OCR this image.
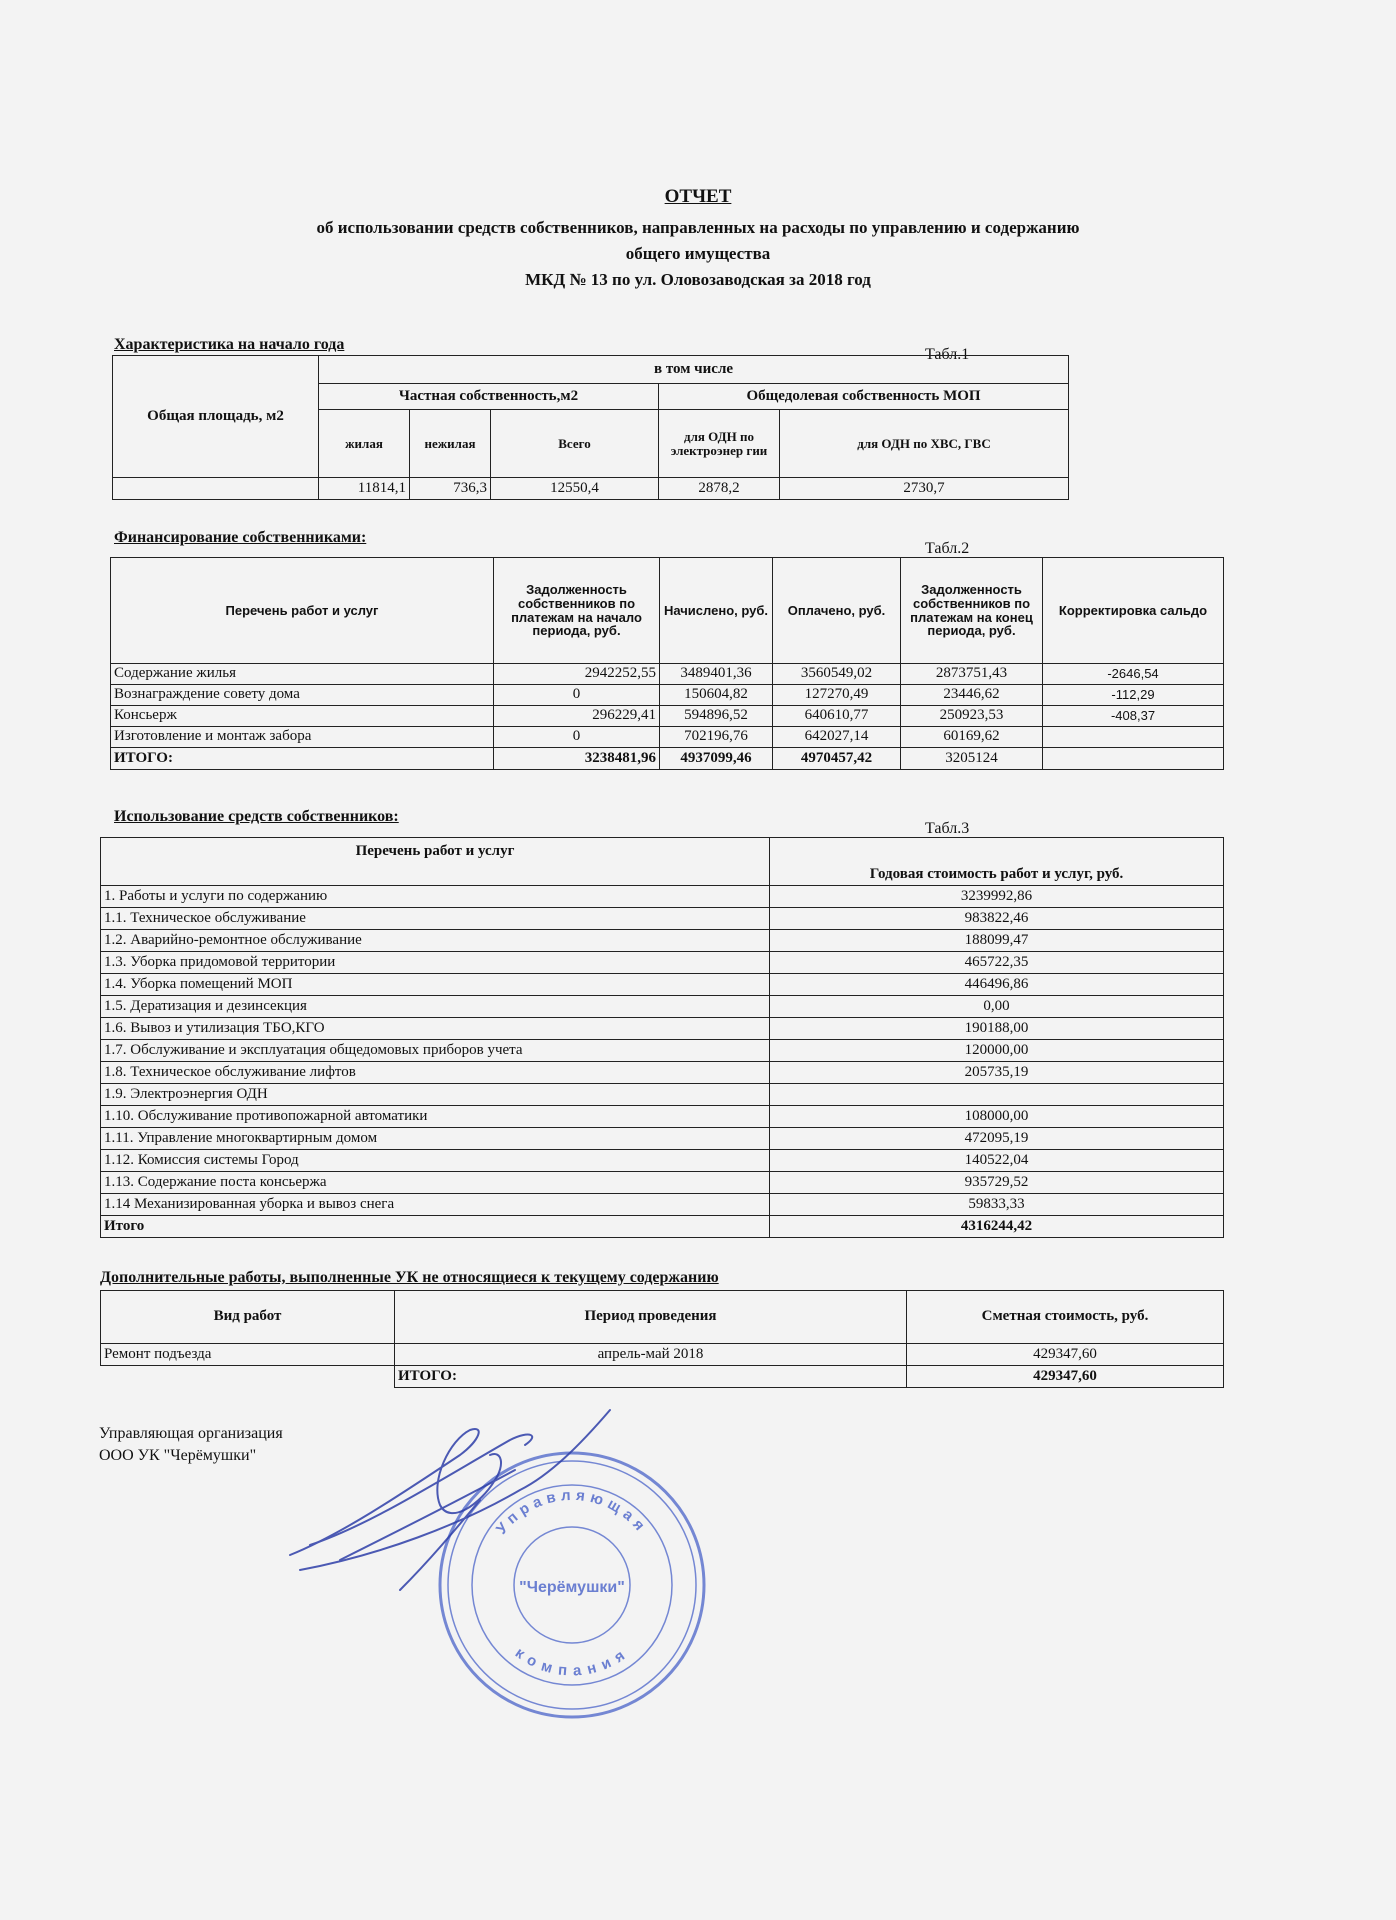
ОТЧЕТ
об использовании средств собственников, направленных на расходы по управлению и содержанию
общего имущества
МКД № 13 по ул. Оловозаводская за 2018 год
Характеристика на начало года
Табл.1
Общая площадь, м2	в том числе				
	Частная собственность,м2			Общедолевая собственность МОП	
	жилая	нежилая	Всего	для ОДН по электроэнер гии	для ОДН по ХВС, ГВС
	11814,1	736,3	12550,4	2878,2	2730,7
Финансирование собственниками:
Табл.2
Перечень работ и услуг	Задолженность собственников по платежам на начало периода, руб.	Начислено, руб.	Оплачено, руб.	Задолженность собственников по платежам на конец периода, руб.	Корректировка сальдо
Содержание жилья	2942252,55	3489401,36	3560549,02	2873751,43	-2646,54
Вознаграждение совету дома	0	150604,82	127270,49	23446,62	-112,29
Консьерж	296229,41	594896,52	640610,77	250923,53	-408,37
Изготовление и монтаж забора	0	702196,76	642027,14	60169,62	
ИТОГО:	3238481,96	4937099,46	4970457,42	3205124	
Использование средств собственников:
Табл.3
Перечень работ и услуг	Годовая стоимость работ и услуг, руб.
1. Работы и услуги по содержанию	3239992,86
1.1. Техническое обслуживание	983822,46
1.2. Аварийно-ремонтное обслуживание	188099,47
1.3. Уборка придомовой территории	465722,35
1.4. Уборка помещений МОП	446496,86
1.5. Дератизация и дезинсекция	0,00
1.6. Вывоз и утилизация ТБО,КГО	190188,00
1.7. Обслуживание и эксплуатация общедомовых приборов учета	120000,00
1.8. Техническое обслуживание лифтов	205735,19
1.9. Электроэнергия ОДН	
1.10. Обслуживание противопожарной автоматики	108000,00
1.11. Управление многоквартирным домом	472095,19
1.12. Комиссия системы Город	140522,04
1.13. Содержание поста консьержа	935729,52
1.14 Механизированная уборка и вывоз снега	59833,33
Итого	4316244,42
Дополнительные работы, выполненные УК не относящиеся к текущему содержанию
Вид работ	Период проведения	Сметная стоимость, руб.
Ремонт подъезда	апрель-май 2018	429347,60
	ИТОГО:	429347,60
Управляющая организация
ООО УК "Черёмушки"
"Черёмушки"
Управляющая
компания
